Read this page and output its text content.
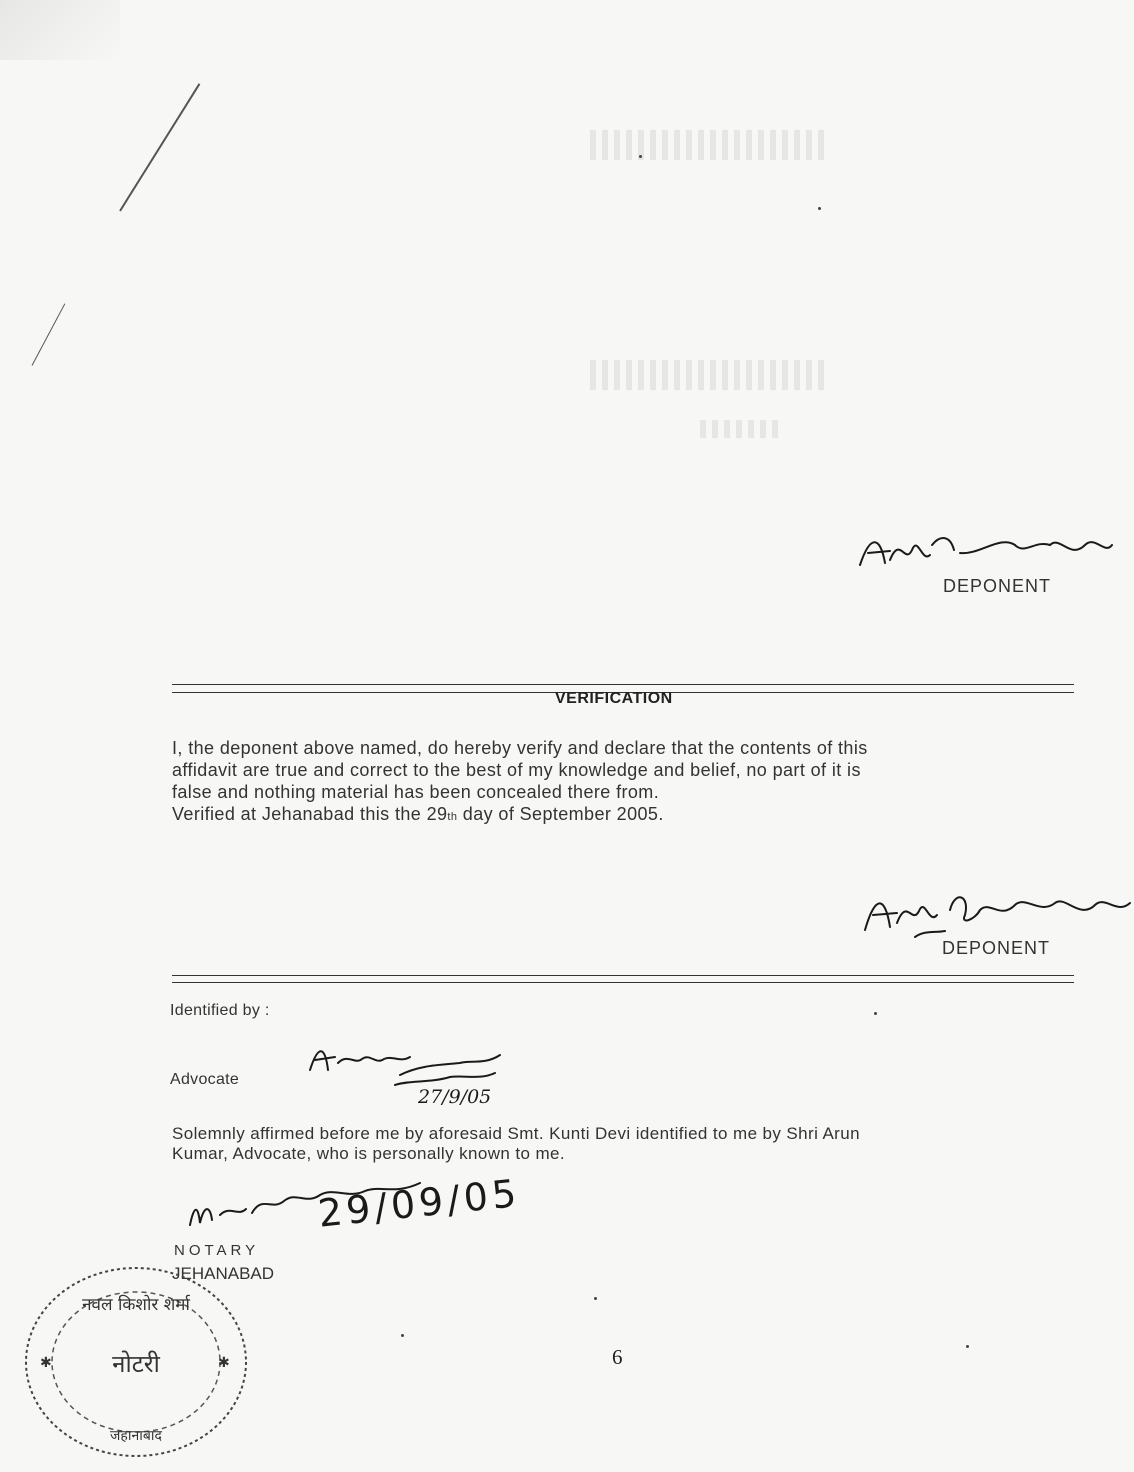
DEPONENT
VERIFICATION

I, the deponent above named, do hereby verify and declare that the contents of this
affidavit are true and correct to the best of my knowledge and belief, no part of it is
false and nothing material has been concealed there from.
Verified at Jehanabad this the 29th day of September 2005.

DEPONENT
Identified by :
Advocate
27/9/05

Solemnly affirmed before me by aforesaid Smt. Kunti Devi identified to me by Shri Arun
Kumar, Advocate, who is personally known to me.

29/09/05
NOTARY
JEHANABAD
नवल किशोर शर्मा
नोटरी
जहानाबाद
✱	✱	6
